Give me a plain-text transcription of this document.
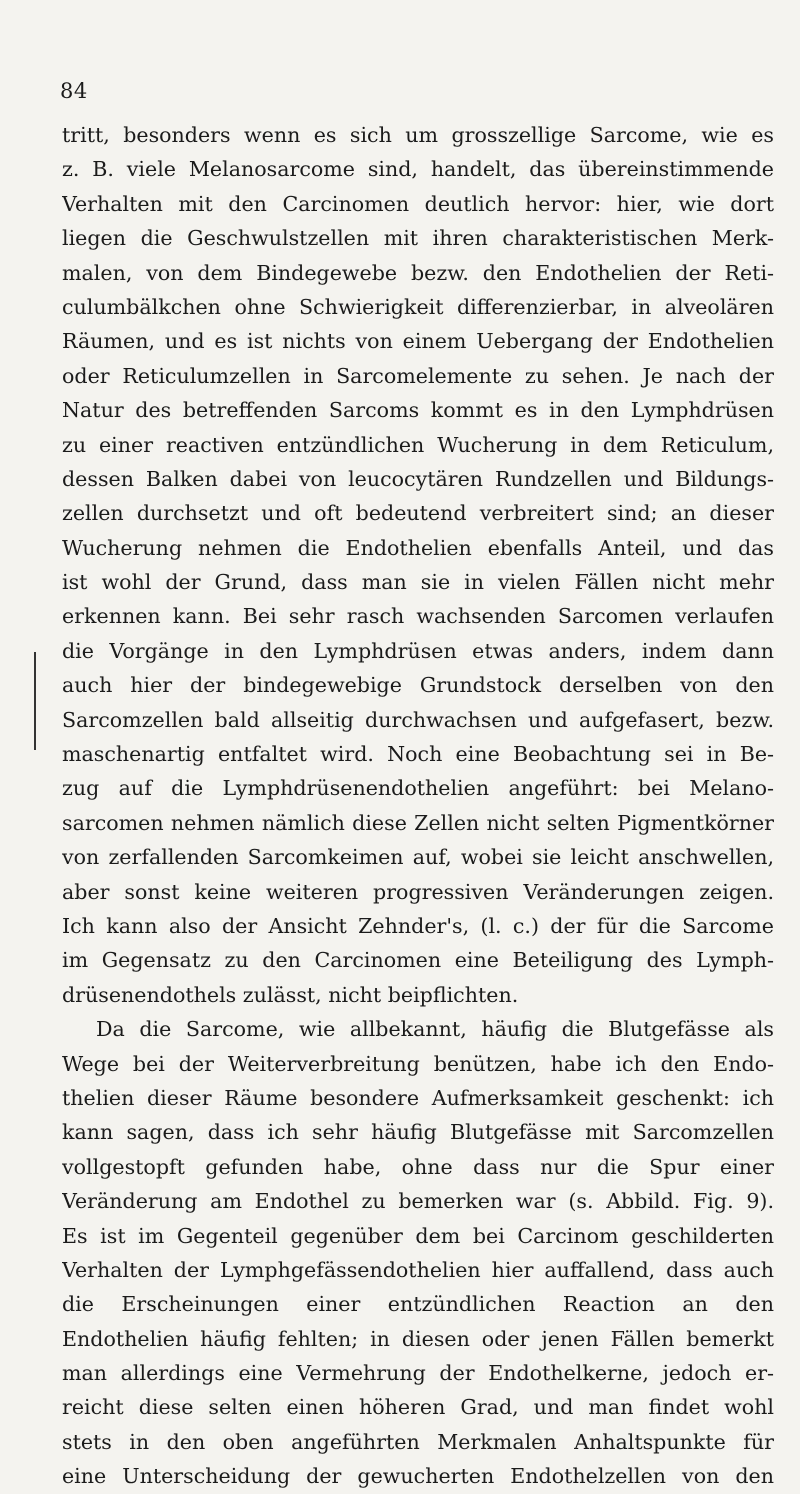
84
tritt, besonders wenn es sich um grosszellige Sarcome, wie es
z. B. viele Melanosarcome sind, handelt, das übereinstimmende
Verhalten mit den Carcinomen deutlich hervor: hier, wie dort
liegen die Geschwulstzellen mit ihren charakteristischen Merk-
malen, von dem Bindegewebe bezw. den Endothelien der Reti-
culumbälkchen ohne Schwierigkeit differenzierbar, in alveolären
Räumen, und es ist nichts von einem Uebergang der Endothelien
oder Reticulumzellen in Sarcomelemente zu sehen. Je nach der
Natur des betreffenden Sarcoms kommt es in den Lymphdrüsen
zu einer reactiven entzündlichen Wucherung in dem Reticulum,
dessen Balken dabei von leucocytären Rundzellen und Bildungs-
zellen durchsetzt und oft bedeutend verbreitert sind; an dieser
Wucherung nehmen die Endothelien ebenfalls Anteil, und das
ist wohl der Grund, dass man sie in vielen Fällen nicht mehr
erkennen kann. Bei sehr rasch wachsenden Sarcomen verlaufen
die Vorgänge in den Lymphdrüsen etwas anders, indem dann
auch hier der bindegewebige Grundstock derselben von den
Sarcomzellen bald allseitig durchwachsen und aufgefasert, bezw.
maschenartig entfaltet wird. Noch eine Beobachtung sei in Be-
zug auf die Lymphdrüsenendothelien angeführt: bei Melano-
sarcomen nehmen nämlich diese Zellen nicht selten Pigmentkörner
von zerfallenden Sarcomkeimen auf, wobei sie leicht anschwellen,
aber sonst keine weiteren progressiven Veränderungen zeigen.
Ich kann also der Ansicht Zehnder's, (l. c.) der für die Sarcome
im Gegensatz zu den Carcinomen eine Beteiligung des Lymph-
drüsenendothels zulässt, nicht beipflichten.
Da die Sarcome, wie allbekannt, häufig die Blutgefässe als
Wege bei der Weiterverbreitung benützen, habe ich den Endo-
thelien dieser Räume besondere Aufmerksamkeit geschenkt: ich
kann sagen, dass ich sehr häufig Blutgefässe mit Sarcomzellen
vollgestopft gefunden habe, ohne dass nur die Spur einer
Veränderung am Endothel zu bemerken war (s. Abbild. Fig. 9).
Es ist im Gegenteil gegenüber dem bei Carcinom geschilderten
Verhalten der Lymphgefässendothelien hier auffallend, dass auch
die Erscheinungen einer entzündlichen Reaction an den
Endothelien häufig fehlten; in diesen oder jenen Fällen bemerkt
man allerdings eine Vermehrung der Endothelkerne, jedoch er-
reicht diese selten einen höheren Grad, und man findet wohl
stets in den oben angeführten Merkmalen Anhaltspunkte für
eine Unterscheidung der gewucherten Endothelzellen von den
